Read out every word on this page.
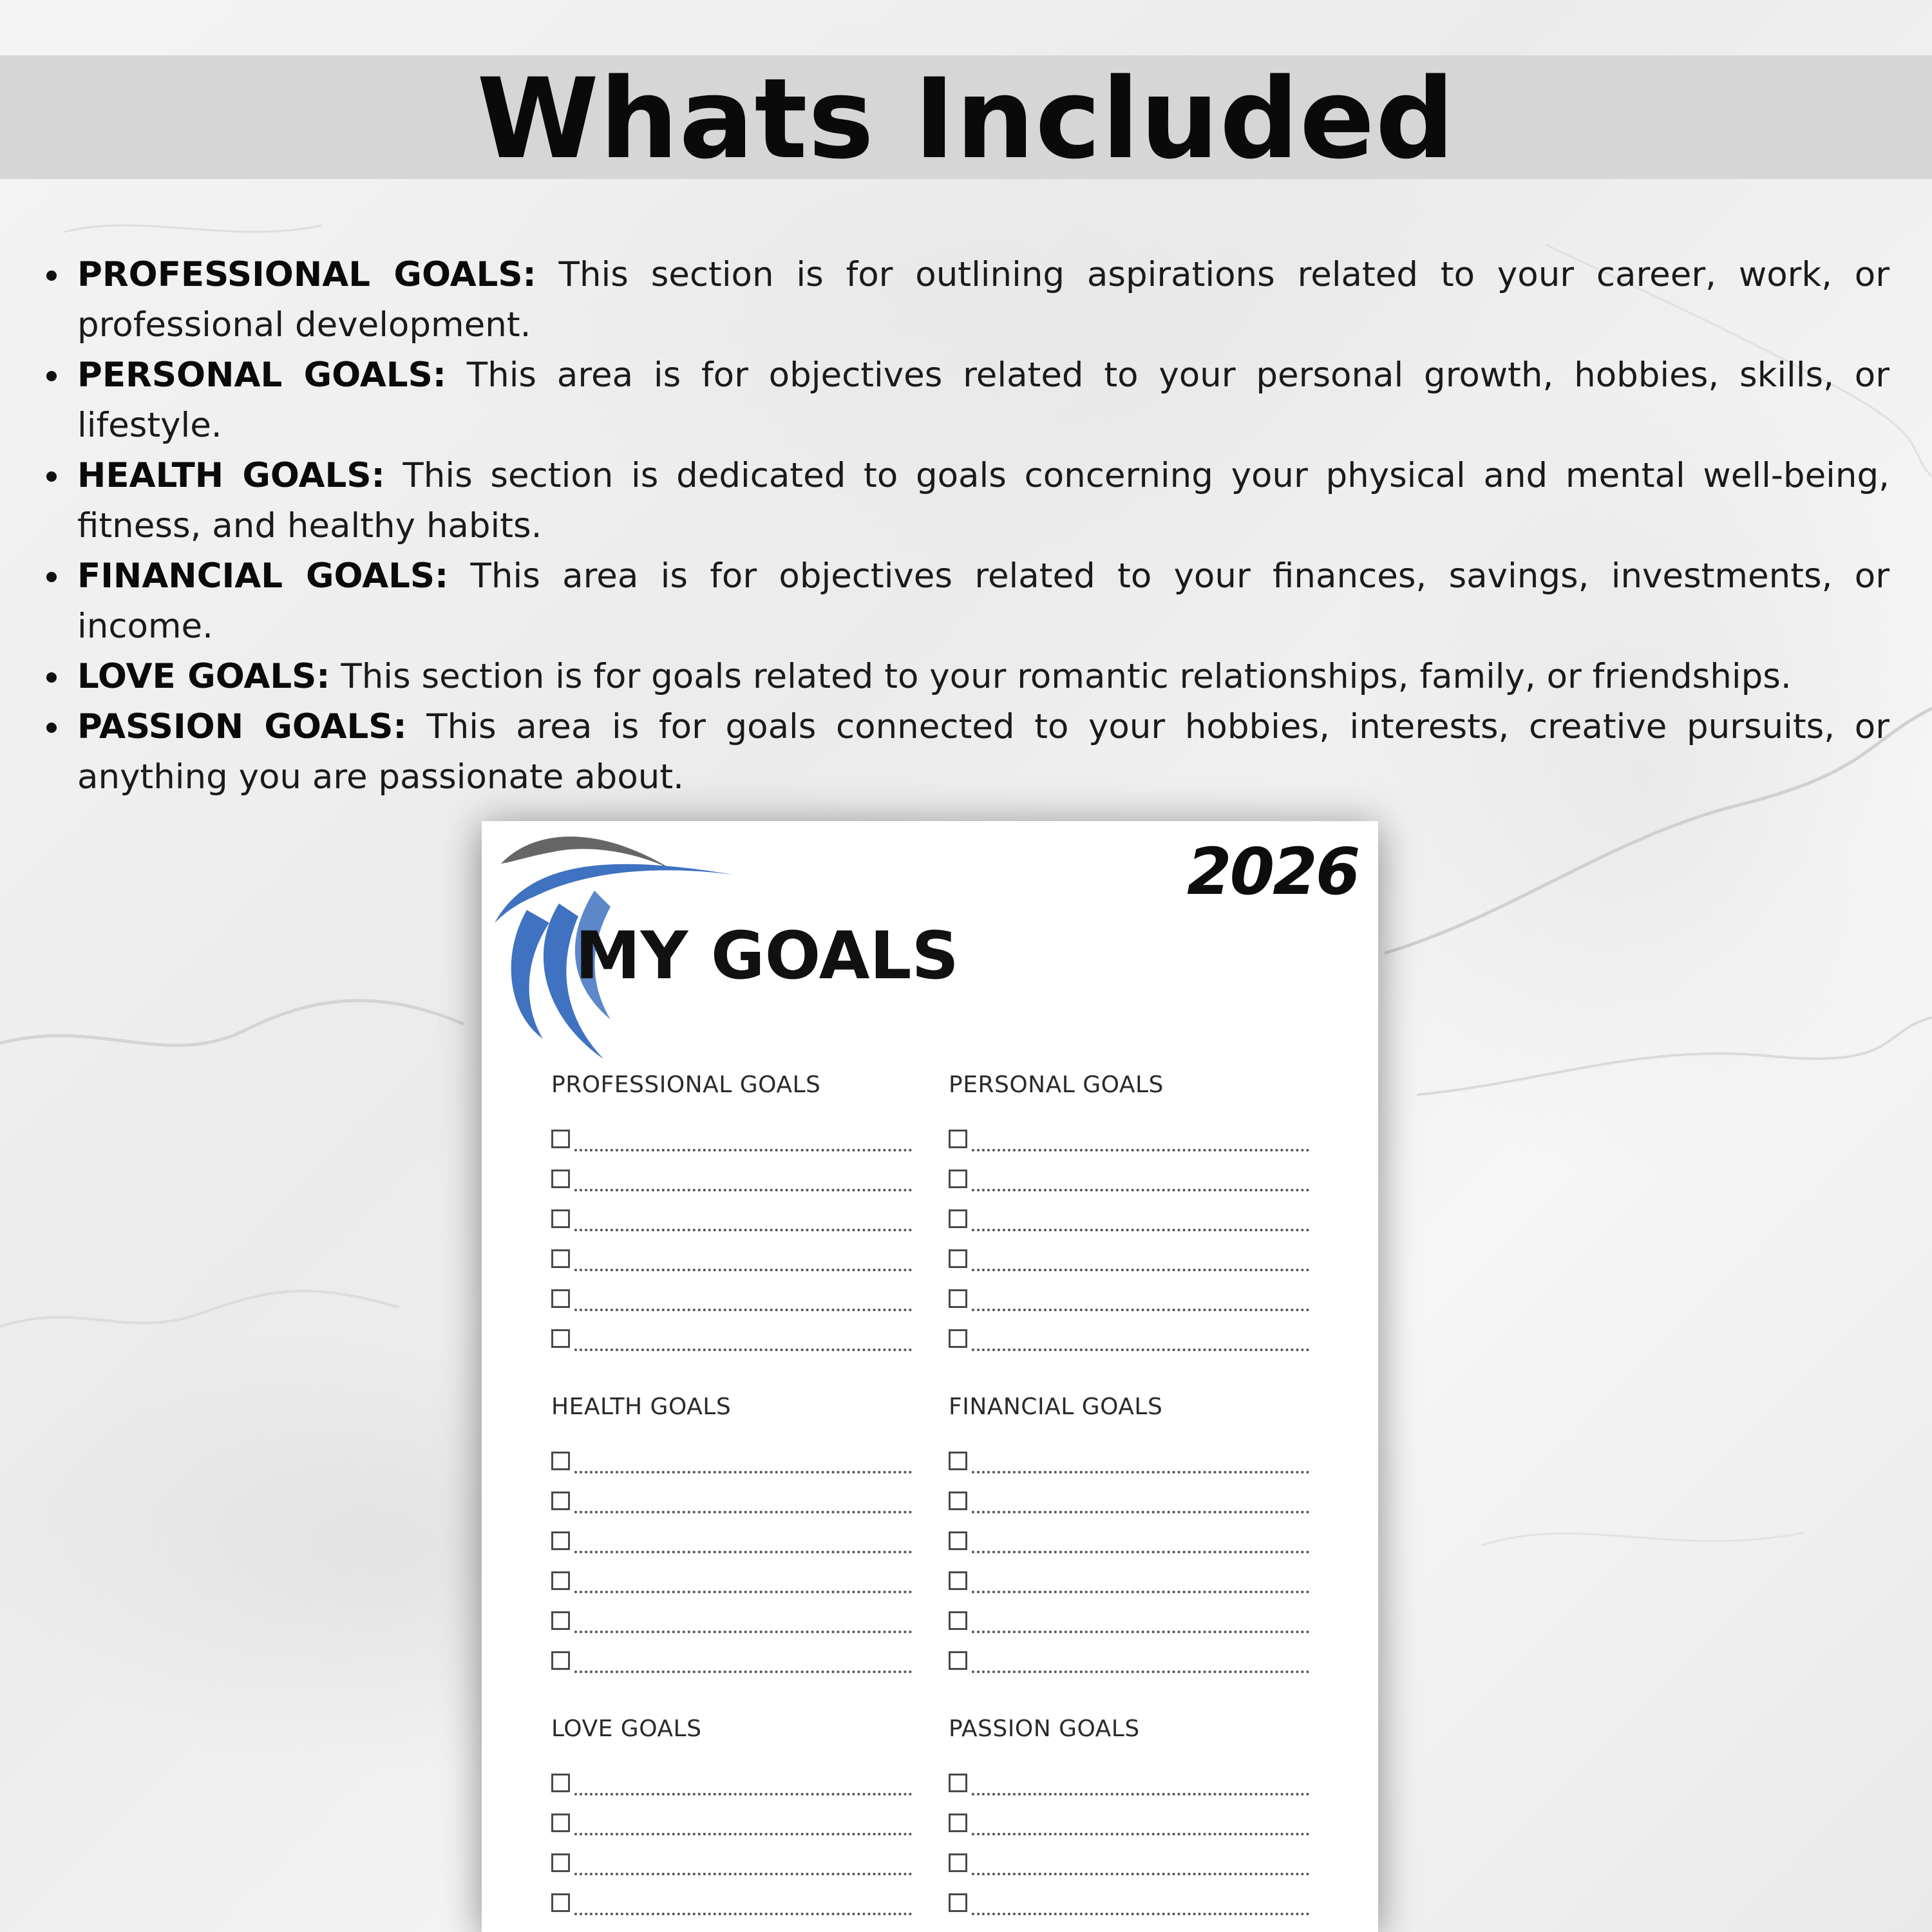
Whats Included
PROFESSIONAL GOALS: This section is for outlining aspirations related to your career, work, or professional development.
PERSONAL GOALS: This area is for objectives related to your personal growth, hobbies, skills, or lifestyle.
HEALTH GOALS: This section is dedicated to goals concerning your physical and mental well-being, fitness, and healthy habits.
FINANCIAL GOALS: This area is for objectives related to your finances, savings, investments, or income.
LOVE GOALS: This section is for goals related to your romantic relationships, family, or friendships.
PASSION GOALS: This area is for goals connected to your hobbies, interests, creative pursuits, or anything you are passionate about.
MY GOALS
2026
PROFESSIONAL GOALS	PERSONAL GOALS
HEALTH GOALS	FINANCIAL GOALS
LOVE GOALS	PASSION GOALS
